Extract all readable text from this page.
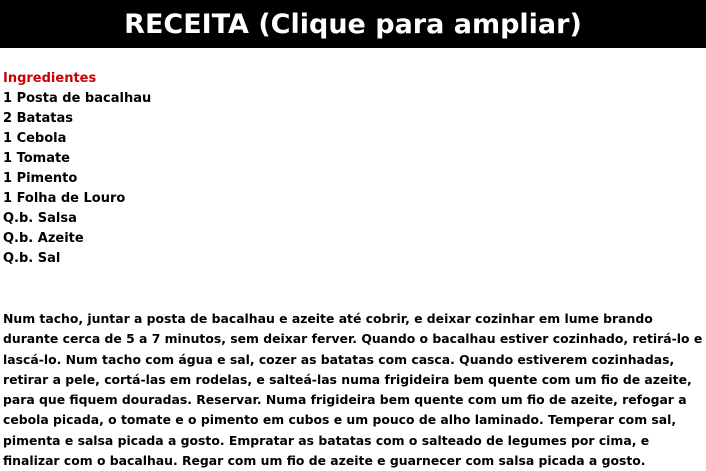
RECEITA (Clique para ampliar)
Ingredientes
1 Posta de bacalhau
2 Batatas
1 Cebola
1 Tomate
1 Pimento
1 Folha de Louro
Q.b. Salsa
Q.b. Azeite
Q.b. Sal

Num tacho, juntar a posta de bacalhau e azeite até cobrir, e deixar cozinhar em lume brando durante cerca de 5 a 7 minutos, sem deixar ferver. Quando o bacalhau estiver cozinhado, retirá-lo e lascá-lo. Num tacho com água e sal, cozer as batatas com casca. Quando estiverem cozinhadas, retirar a pele, cortá-las em rodelas, e salteá-las numa frigideira bem quente com um fio de azeite, para que fiquem douradas. Reservar. Numa frigideira bem quente com um fio de azeite, refogar a cebola picada, o tomate e o pimento em cubos e um pouco de alho laminado. Temperar com sal, pimenta e salsa picada a gosto. Empratar as batatas com o salteado de legumes por cima, e finalizar com o bacalhau. Regar com um fio de azeite e guarnecer com salsa picada a gosto.
